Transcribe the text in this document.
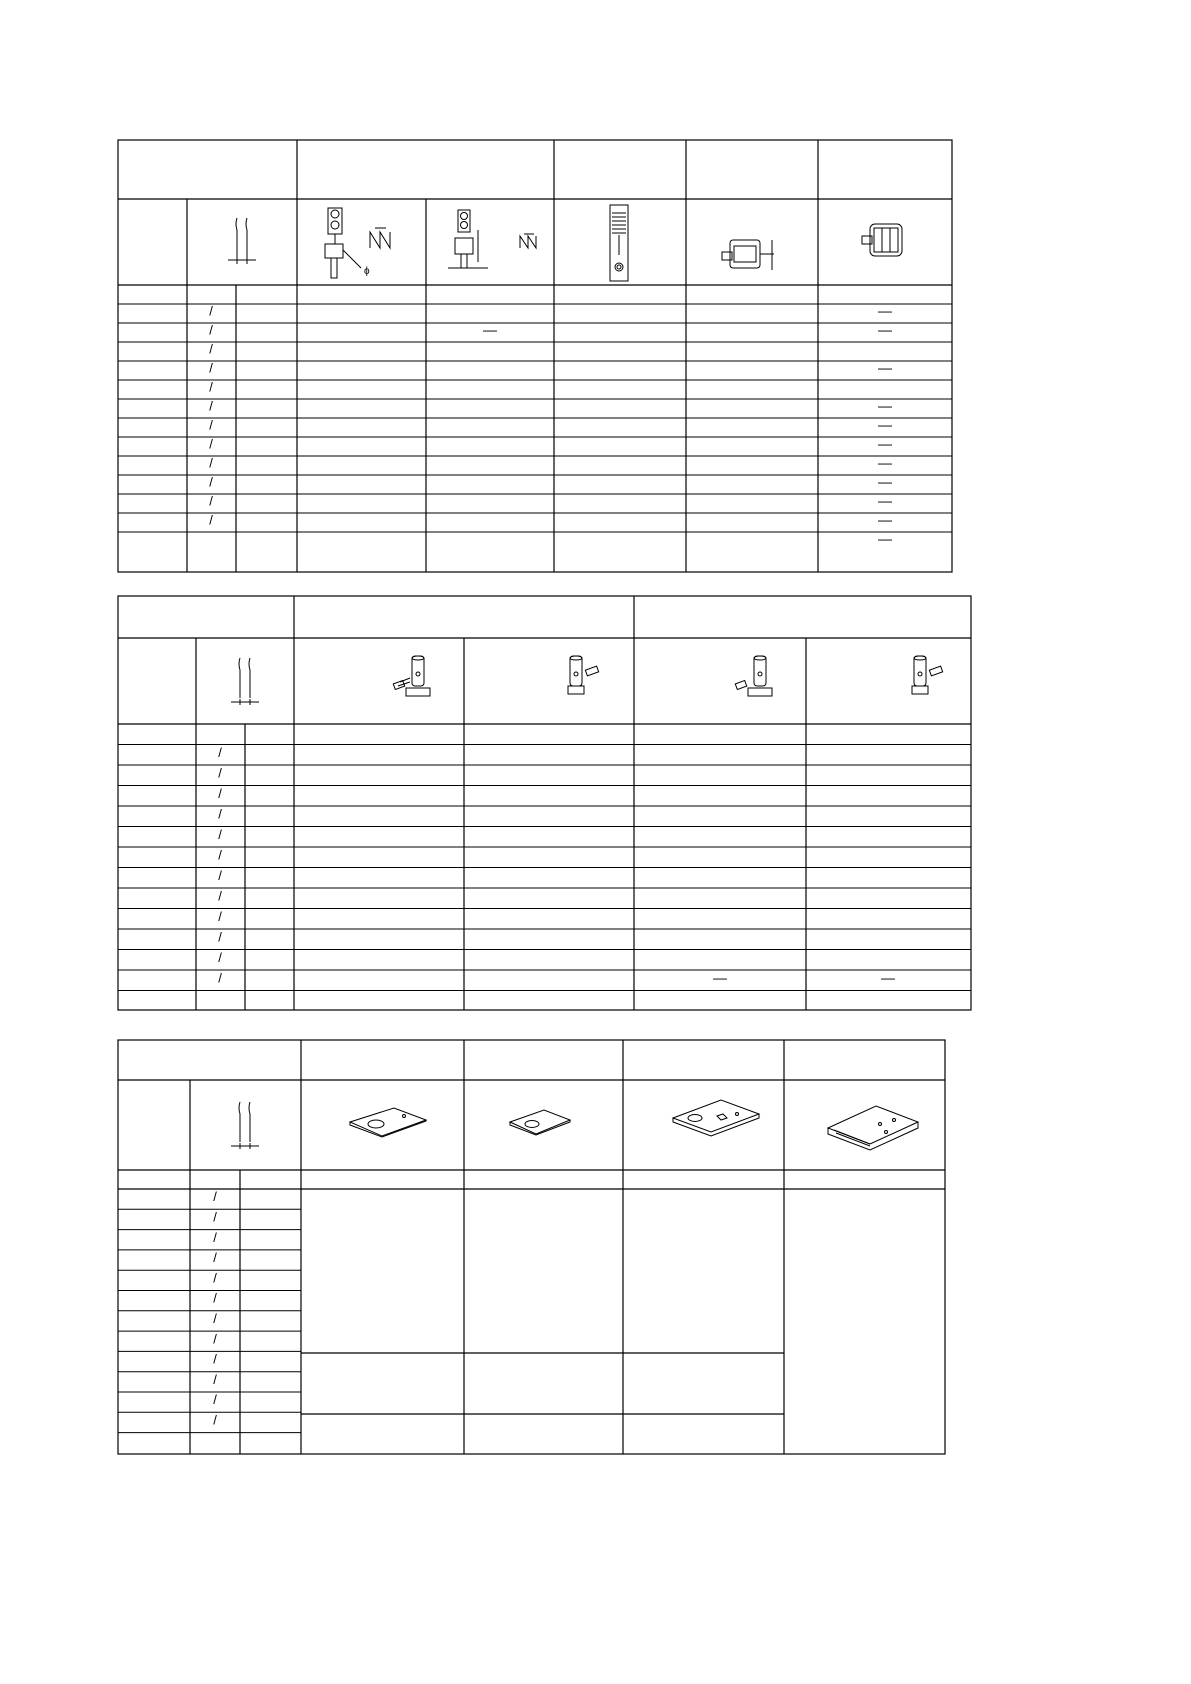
/
/
/
/
/
/
/
/
/
/
/
/
—
—
—
—
—
—
—
—
—
—
—
—
ϕ
/
/
/
/
/
/
/
/
/
/
/
/	—	—
/
/
/
/
/
/
/
/
/
/
/
/
